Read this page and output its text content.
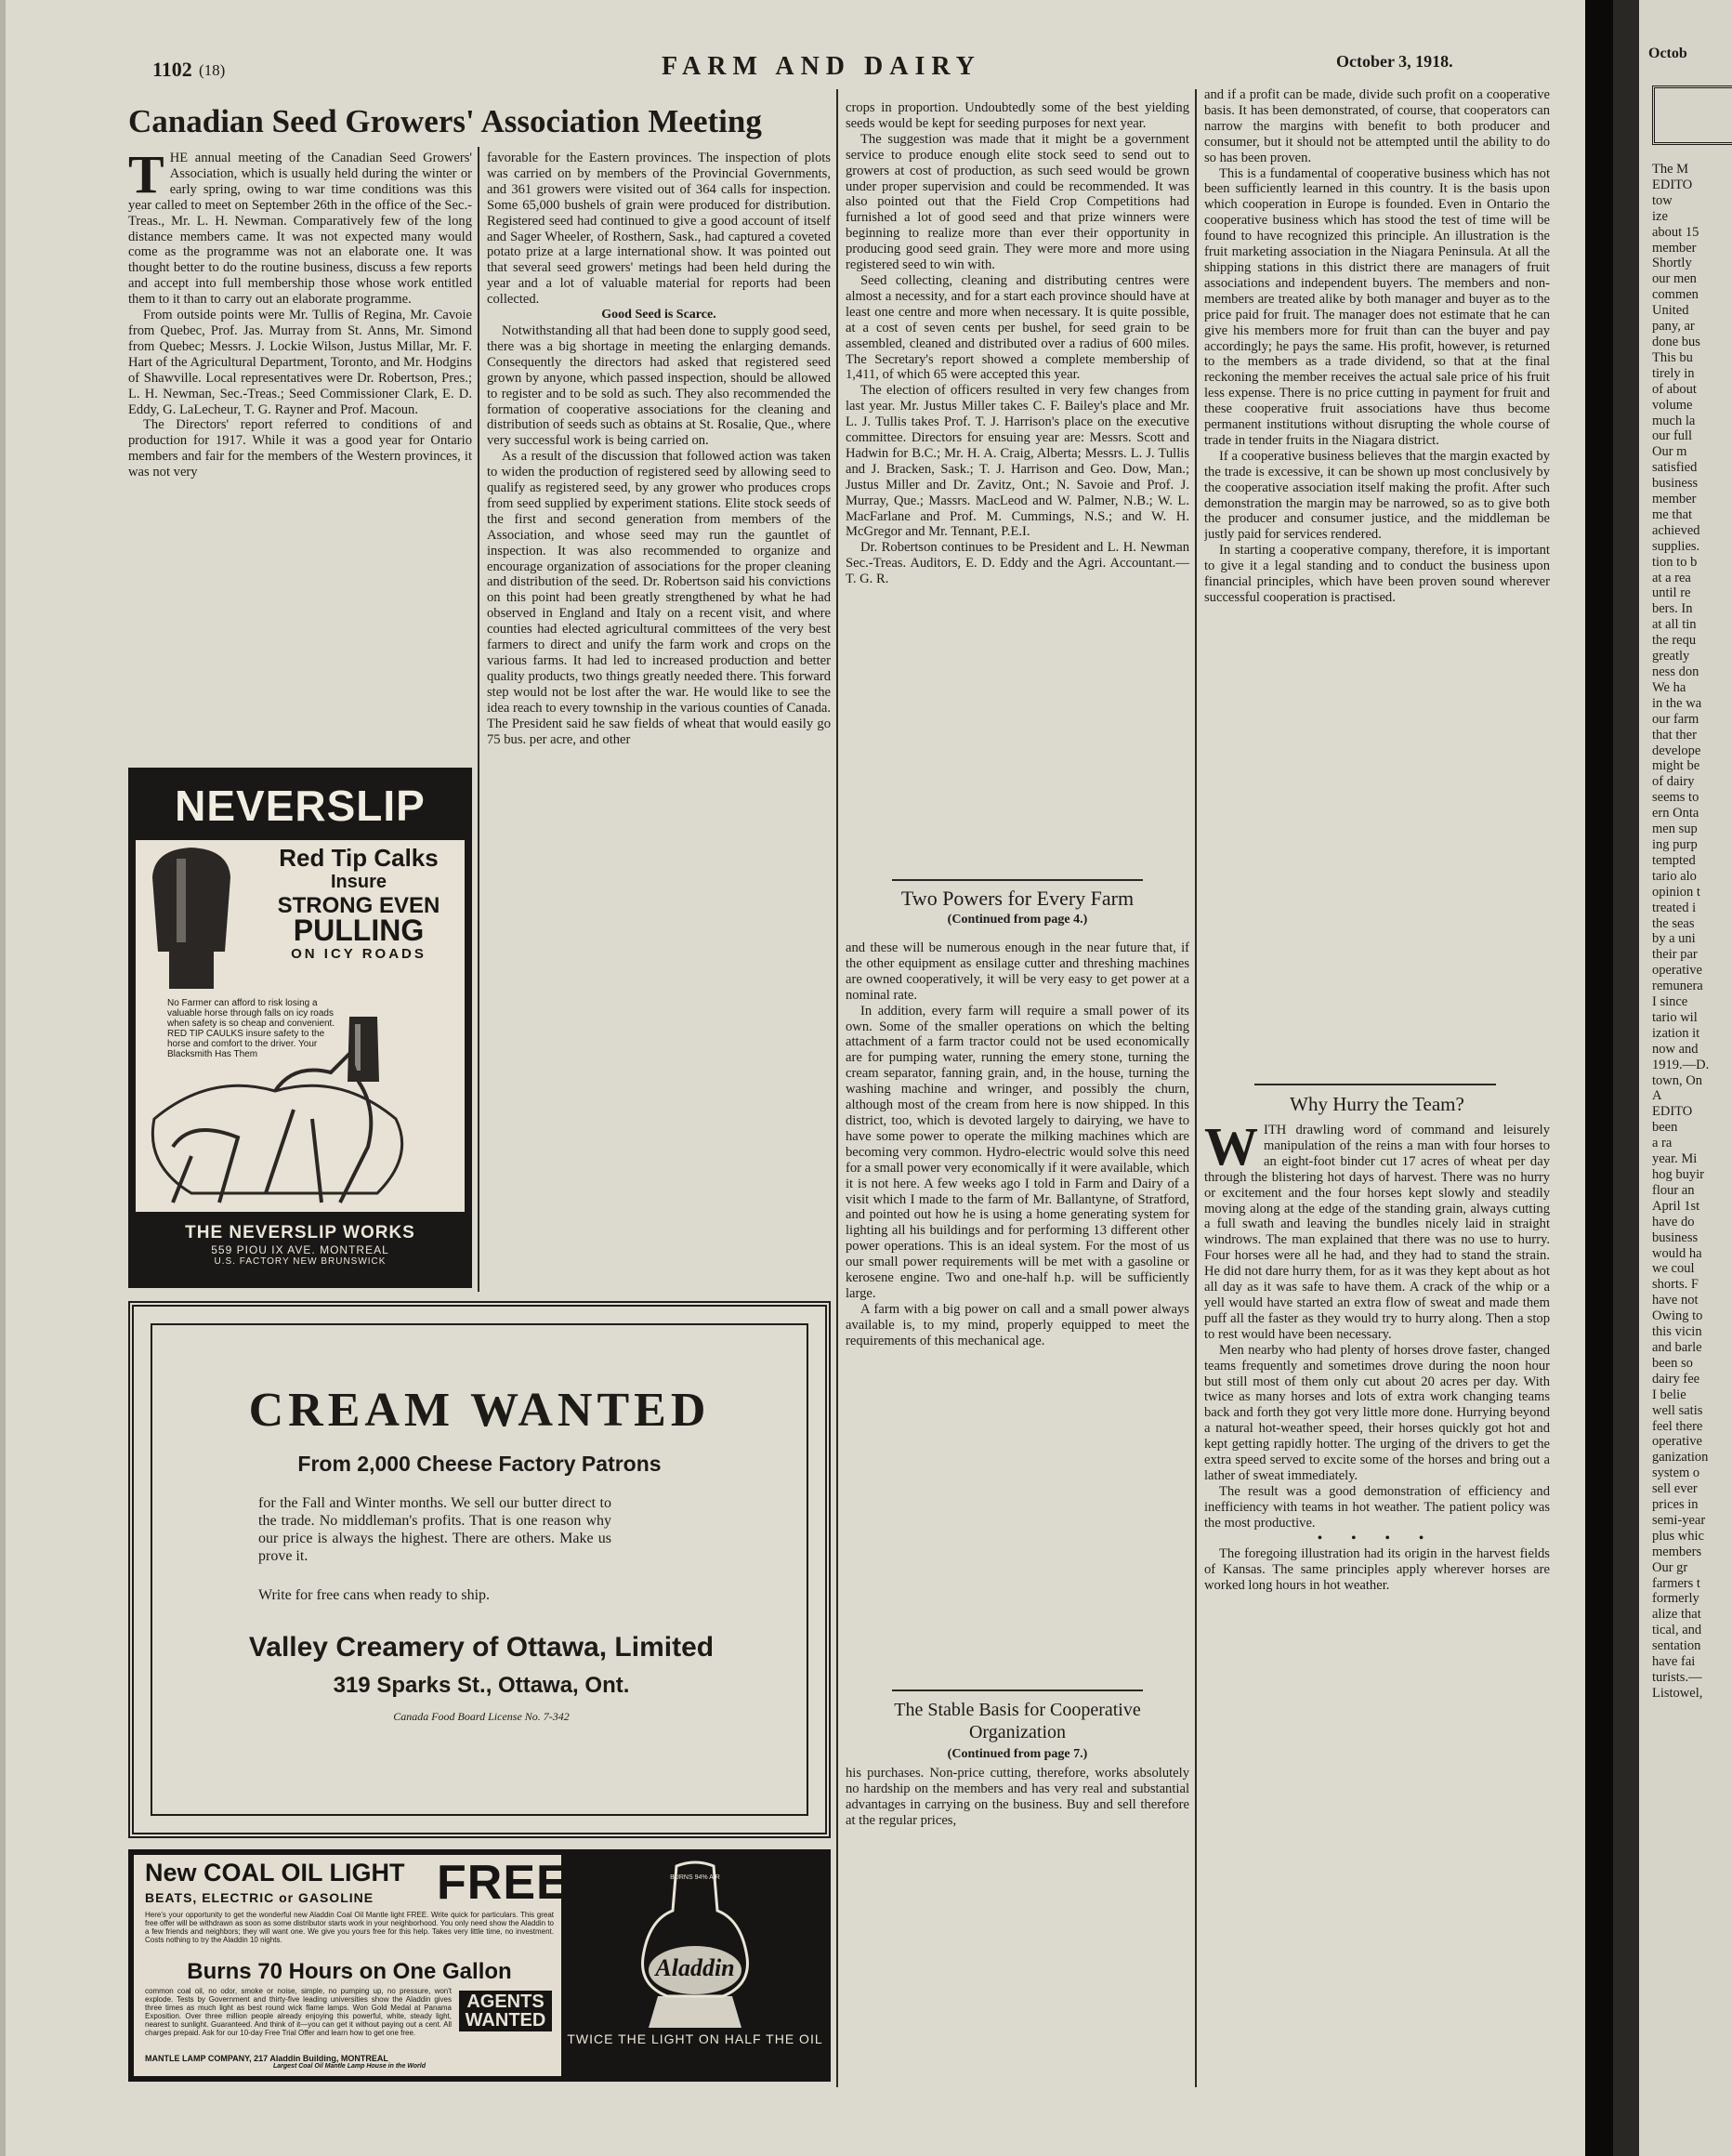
1102 (18)	FARM AND DAIRY	October 3, 1918.
Canadian Seed Growers' Association Meeting

THE annual meeting of the Canadian Seed Growers' Association, which is usually held during the winter or early spring, owing to war time conditions was this year called to meet on September 26th in the office of the Sec.-Treas., Mr. L. H. Newman. Comparatively few of the long distance members came. It was not expected many would come as the programme was not an elaborate one. It was thought better to do the routine business, discuss a few reports and accept into full membership those whose work entitled them to it than to carry out an elaborate programme.

From outside points were Mr. Tullis of Regina, Mr. Cavoie from Quebec, Prof. Jas. Murray from St. Anns, Mr. Simond from Quebec; Messrs. J. Lockie Wilson, Justus Millar, Mr. F. Hart of the Agricultural Department, Toronto, and Mr. Hodgins of Shawville. Local representatives were Dr. Robertson, Pres.; L. H. Newman, Sec.-Treas.; Seed Commissioner Clark, E. D. Eddy, G. LaLecheur, T. G. Rayner and Prof. Macoun.

The Directors' report referred to conditions of and production for 1917. While it was a good year for Ontario members and fair for the members of the Western provinces, it was not very

favorable for the Eastern provinces. The inspection of plots was carried on by members of the Provincial Governments, and 361 growers were visited out of 364 calls for inspection. Some 65,000 bushels of grain were produced for distribution. Registered seed had continued to give a good account of itself and Sager Wheeler, of Rosthern, Sask., had captured a coveted potato prize at a large international show. It was pointed out that several seed growers' metings had been held during the year and a lot of valuable material for reports had been collected.

Good Seed is Scarce.

Notwithstanding all that had been done to supply good seed, there was a big shortage in meeting the enlarging demands. Consequently the directors had asked that registered seed grown by anyone, which passed inspection, should be allowed to register and to be sold as such. They also recommended the formation of cooperative associations for the cleaning and distribution of seeds such as obtains at St. Rosalie, Que., where very successful work is being carried on.

As a result of the discussion that followed action was taken to widen the production of registered seed by allowing seed to qualify as registered seed, by any grower who produces crops from seed supplied by experiment stations. Elite stock seeds of the first and second generation from members of the Association, and whose seed may run the gauntlet of inspection. It was also recommended to organize and encourage organization of associations for the proper cleaning and distribution of the seed. Dr. Robertson said his convictions on this point had been greatly strengthened by what he had observed in England and Italy on a recent visit, and where counties had elected agricultural committees of the very best farmers to direct and unify the farm work and crops on the various farms. It had led to increased production and better quality products, two things greatly needed there. This forward step would not be lost after the war. He would like to see the idea reach to every township in the various counties of Canada. The President said he saw fields of wheat that would easily go 75 bus. per acre, and other

crops in proportion. Undoubtedly some of the best yielding seeds would be kept for seeding purposes for next year.

The suggestion was made that it might be a government service to produce enough elite stock seed to send out to growers at cost of production, as such seed would be grown under proper supervision and could be recommended. It was also pointed out that the Field Crop Competitions had furnished a lot of good seed and that prize winners were beginning to realize more than ever their opportunity in producing good seed grain. They were more and more using registered seed to win with.

Seed collecting, cleaning and distributing centres were almost a necessity, and for a start each province should have at least one centre and more when necessary. It is quite possible, at a cost of seven cents per bushel, for seed grain to be assembled, cleaned and distributed over a radius of 600 miles. The Secretary's report showed a complete membership of 1,411, of which 65 were accepted this year.

The election of officers resulted in very few changes from last year. Mr. Justus Miller takes C. F. Bailey's place and Mr. L. J. Tullis takes Prof. T. J. Harrison's place on the executive committee. Directors for ensuing year are: Messrs. Scott and Hadwin for B.C.; Mr. H. A. Craig, Alberta; Messrs. L. J. Tullis and J. Bracken, Sask.; T. J. Harrison and Geo. Dow, Man.; Justus Miller and Dr. Zavitz, Ont.; N. Savoie and Prof. J. Murray, Que.; Massrs. MacLeod and W. Palmer, N.B.; W. L. MacFarlane and Prof. M. Cummings, N.S.; and W. H. McGregor and Mr. Tennant, P.E.I.

Dr. Robertson continues to be President and L. H. Newman Sec.-Treas. Auditors, E. D. Eddy and the Agri. Accountant.—T. G. R.

Two Powers for Every Farm
(Continued from page 4.)

and these will be numerous enough in the near future that, if the other equipment as ensilage cutter and threshing machines are owned cooperatively, it will be very easy to get power at a nominal rate.

In addition, every farm will require a small power of its own. Some of the smaller operations on which the belting attachment of a farm tractor could not be used economically are for pumping water, running the emery stone, turning the cream separator, fanning grain, and, in the house, turning the washing machine and wringer, and possibly the churn, although most of the cream from here is now shipped. In this district, too, which is devoted largely to dairying, we have to have some power to operate the milking machines which are becoming very common. Hydro-electric would solve this need for a small power very economically if it were available, which it is not here. A few weeks ago I told in Farm and Dairy of a visit which I made to the farm of Mr. Ballantyne, of Stratford, and pointed out how he is using a home generating system for lighting all his buildings and for performing 13 different other power operations. This is an ideal system. For the most of us our small power requirements will be met with a gasoline or kerosene engine. Two and one-half h.p. will be sufficiently large.

A farm with a big power on call and a small power always available is, to my mind, properly equipped to meet the requirements of this mechanical age.

The Stable Basis for Cooperative Organization
(Continued from page 7.)

his purchases. Non-price cutting, therefore, works absolutely no hardship on the members and has very real and substantial advantages in carrying on the business. Buy and sell therefore at the regular prices,

and if a profit can be made, divide such profit on a cooperative basis. It has been demonstrated, of course, that cooperators can narrow the margins with benefit to both producer and consumer, but it should not be attempted until the ability to do so has been proven.

This is a fundamental of cooperative business which has not been sufficiently learned in this country. It is the basis upon which cooperation in Europe is founded. Even in Ontario the cooperative business which has stood the test of time will be found to have recognized this principle. An illustration is the fruit marketing association in the Niagara Peninsula. At all the shipping stations in this district there are managers of fruit associations and independent buyers. The members and non-members are treated alike by both manager and buyer as to the price paid for fruit. The manager does not estimate that he can give his members more for fruit than can the buyer and pay accordingly; he pays the same. His profit, however, is returned to the members as a trade dividend, so that at the final reckoning the member receives the actual sale price of his fruit less expense. There is no price cutting in payment for fruit and these cooperative fruit associations have thus become permanent institutions without disrupting the whole course of trade in tender fruits in the Niagara district.

If a cooperative business believes that the margin exacted by the trade is excessive, it can be shown up most conclusively by the cooperative association itself making the profit. After such demonstration the margin may be narrowed, so as to give both the producer and consumer justice, and the middleman be justly paid for services rendered.

In starting a cooperative company, therefore, it is important to give it a legal standing and to conduct the business upon financial principles, which have been proven sound wherever successful cooperation is practised.

Why Hurry the Team?

WITH drawling word of command and leisurely manipulation of the reins a man with four horses to an eight-foot binder cut 17 acres of wheat per day through the blistering hot days of harvest. There was no hurry or excitement and the four horses kept slowly and steadily moving along at the edge of the standing grain, always cutting a full swath and leaving the bundles nicely laid in straight windrows. The man explained that there was no use to hurry. Four horses were all he had, and they had to stand the strain. He did not dare hurry them, for as it was they kept about as hot all day as it was safe to have them. A crack of the whip or a yell would have started an extra flow of sweat and made them puff all the faster as they would try to hurry along. Then a stop to rest would have been necessary.

Men nearby who had plenty of horses drove faster, changed teams frequently and sometimes drove during the noon hour but still most of them only cut about 20 acres per day. With twice as many horses and lots of extra work changing teams back and forth they got very little more done. Hurrying beyond a natural hot-weather speed, their horses quickly got hot and kept getting rapidly hotter. The urging of the drivers to get the extra speed served to excite some of the horses and bring out a lather of sweat immediately.

The result was a good demonstration of efficiency and inefficiency with teams in hot weather. The patient policy was the most productive.

• • • •

The foregoing illustration had its origin in the harvest fields of Kansas. The same principles apply wherever horses are worked long hours in hot weather.

NEVERSLIP
Red Tip Calks
Insure
STRONG EVEN
PULLING
ON ICY ROADS
No Farmer can afford to risk losing a valuable horse through falls on icy roads when safety is so cheap and convenient. RED TIP CAULKS insure safety to the horse and comfort to the driver. Your Blacksmith Has Them
THE NEVERSLIP WORKS
559 PIOU IX AVE. MONTREAL
U.S. FACTORY NEW BRUNSWICK
CREAM WANTED
From 2,000 Cheese Factory Patrons
for the Fall and Winter months. We sell our butter direct to the trade. No middleman's profits. That is one reason why our price is always the highest. There are others. Make us prove it.
Write for free cans when ready to ship.
Valley Creamery of Ottawa, Limited
319 Sparks St., Ottawa, Ont.
Canada Food Board License No. 7-342
New COAL OIL LIGHT FREE
BEATS, ELECTRIC or GASOLINE
Here's your opportunity to get the wonderful new Aladdin Coal Oil Mantle light FREE. Write quick for particulars. This great free offer will be withdrawn as soon as some distributor starts work in your neighborhood. You only need show the Aladdin to a few friends and neighbors; they will want one. We give you yours free for this help. Takes very little time, no investment. Costs nothing to try the Aladdin 10 nights.
Burns 70 Hours on One Gallon
common coal oil, no odor, smoke or noise, simple, no pumping up, no pressure, won't explode. Tests by Government and thirty-five leading universities show the Aladdin gives three times as much light as best round wick flame lamps. Won Gold Medal at Panama Exposition. Over three million people already enjoying this powerful, white, steady light, nearest to sunlight. Guaranteed. And think of it—you can get it without paying out a cent. All charges prepaid. Ask for our 10-day Free Trial Offer and learn how to get one free.
AGENTS WANTED
MANTLE LAMP COMPANY, 217 Aladdin Building, MONTREAL
Largest Coal Oil Mantle Lamp House in the World
Aladdin
BURNS 94% AIR
TWICE THE LIGHT ON HALF THE OIL
Octob
The M
EDITO
tow
ize
about 15
member
Shortly
our men
commen
United
pany, ar
done bus
This bu
tirely in
of about
volume
much la
our full
Our m
satisfied
business
member
me that
achieved
supplies.
tion to b
at a rea
until re
bers. In
at all tin
the requ
greatly
ness don
We ha
in the wa
our farm
that ther
develope
might be
of dairy
seems to
ern Onta
men sup
ing purp
tempted
tario alo
opinion t
treated i
the seas
by a uni
their par
operative
remunera
I since
tario wil
ization it
now and
1919.—D.
town, On
A
EDITO
been
a ra
year. Mi
hog buyir
flour an
April 1st
have do
business
would ha
we coul
shorts. F
have not
Owing to
this vicin
and barle
been so
dairy fee
I belie
well satis
feel there
operative
ganization
system o
sell ever
prices in
semi-year
plus whic
members
Our gr
farmers t
formerly
alize that
tical, and
sentation
have fai
turists.—
Listowel,
